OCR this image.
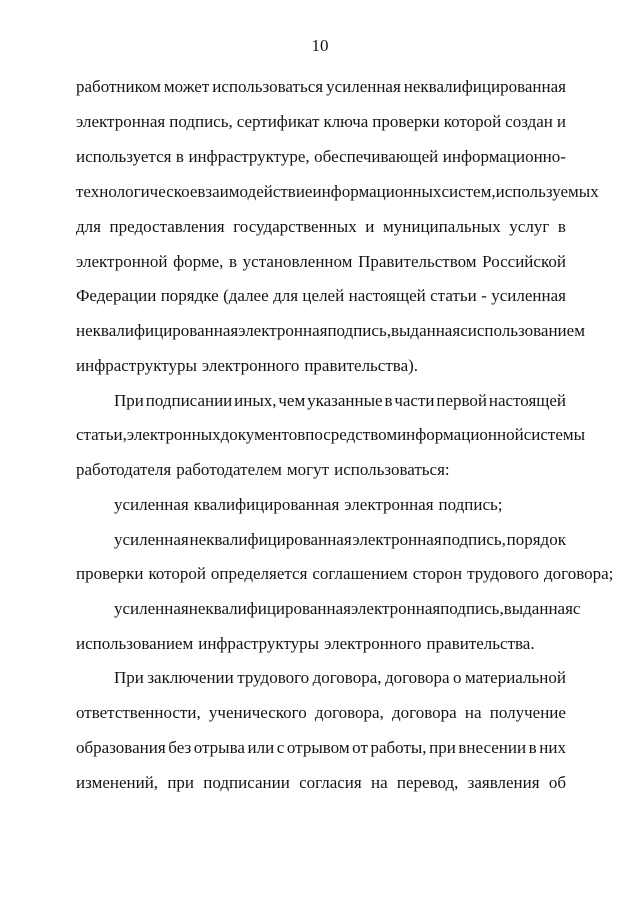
10
работником может использоваться усиленная неквалифицированная
электронная подпись, сертификат ключа проверки которой создан и
используется в инфраструктуре, обеспечивающей информационно-
технологическое взаимодействие информационных систем, используемых
для предоставления государственных и муниципальных услуг в
электронной форме, в установленном Правительством Российской
Федерации порядке (далее для целей настоящей статьи - усиленная
неквалифицированная электронная подпись, выданная с использованием
инфраструктуры электронного правительства).
При подписании иных, чем указанные в части первой настоящей
статьи, электронных документов посредством информационной системы
работодателя работодателем могут использоваться:
усиленная квалифицированная электронная подпись;
усиленная неквалифицированная электронная подпись, порядок
проверки которой определяется соглашением сторон трудового договора;
усиленная неквалифицированная электронная подпись, выданная с
использованием инфраструктуры электронного правительства.
При заключении трудового договора, договора о материальной
ответственности, ученического договора, договора на получение
образования без отрыва или с отрывом от работы, при внесении в них
изменений, при подписании согласия на перевод, заявления об
